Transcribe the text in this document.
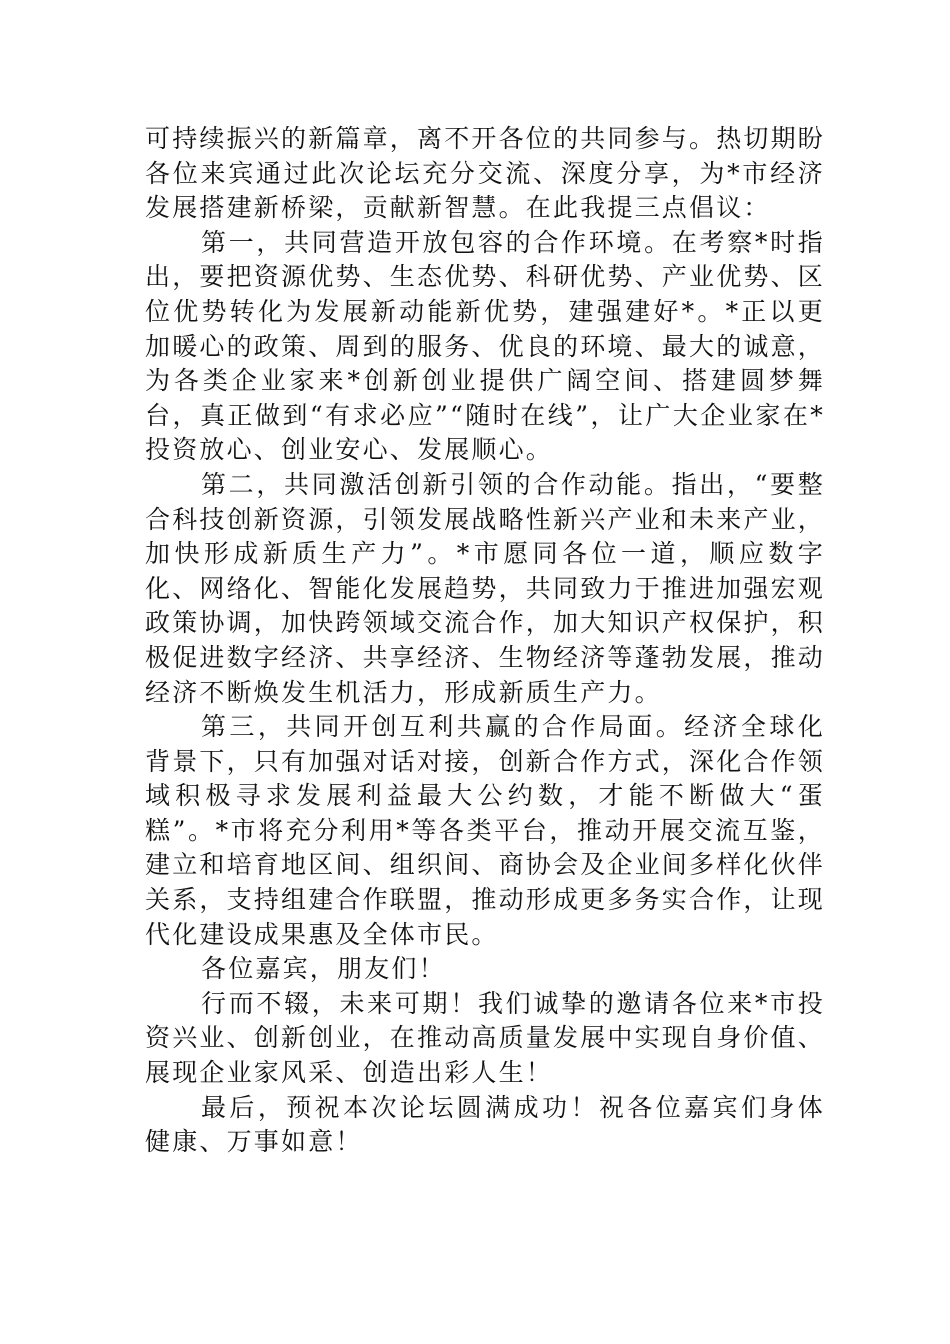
可持续振兴的新篇章，离不开各位的共同参与。热切期盼各位来宾通过此次论坛充分交流、深度分享，为*市经济发展搭建新桥梁，贡献新智慧。在此我提三点倡议：

第一，共同营造开放包容的合作环境。在考察*时指出，要把资源优势、生态优势、科研优势、产业优势、区位优势转化为发展新动能新优势，建强建好*。*正以更加暖心的政策、周到的服务、优良的环境、最大的诚意，为各类企业家来*创新创业提供广阔空间、搭建圆梦舞台，真正做到“有求必应”“随时在线”，让广大企业家在*投资放心、创业安心、发展顺心。

第二，共同激活创新引领的合作动能。指出，“要整合科技创新资源，引领发展战略性新兴产业和未来产业，加快形成新质生产力”。*市愿同各位一道，顺应数字化、网络化、智能化发展趋势，共同致力于推进加强宏观政策协调，加快跨领域交流合作，加大知识产权保护，积极促进数字经济、共享经济、生物经济等蓬勃发展，推动经济不断焕发生机活力，形成新质生产力。

第三，共同开创互利共赢的合作局面。经济全球化背景下，只有加强对话对接，创新合作方式，深化合作领域积极寻求发展利益最大公约数，才能不断做大“蛋糕”。*市将充分利用*等各类平台，推动开展交流互鉴，建立和培育地区间、组织间、商协会及企业间多样化伙伴关系，支持组建合作联盟，推动形成更多务实合作，让现代化建设成果惠及全体市民。

各位嘉宾，朋友们！

行而不辍，未来可期！我们诚挚的邀请各位来*市投资兴业、创新创业，在推动高质量发展中实现自身价值、展现企业家风采、创造出彩人生！

最后，预祝本次论坛圆满成功！祝各位嘉宾们身体健康、万事如意！
